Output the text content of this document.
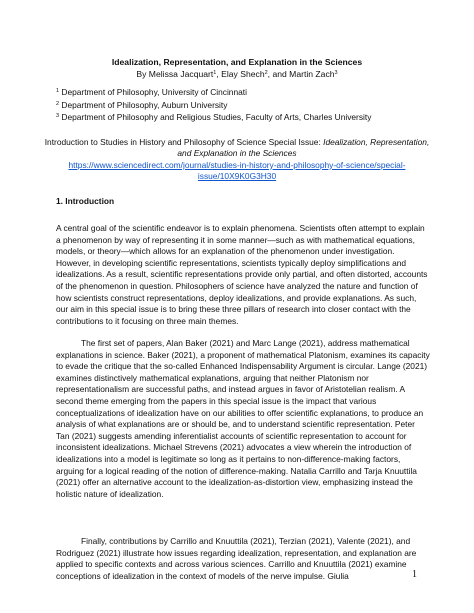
Idealization, Representation, and Explanation in the Sciences
By Melissa Jacquart$^1$, Elay Shech$^2$, and Martin Zach$^3$
$^1$ Department of Philosophy, University of Cincinnati
$^2$ Department of Philosophy, Auburn University
$^3$ Department of Philosophy and Religious Studies, Faculty of Arts, Charles University
Introduction to Studies in History and Philosophy of Science Special Issue: Idealization, Representation, and Explanation in the Sciences
https://www.sciencedirect.com/journal/studies-in-history-and-philosophy-of-science/special-issue/10X9K0G3H30
1. Introduction
A central goal of the scientific endeavor is to explain phenomena. Scientists often attempt to explain a phenomenon by way of representing it in some manner—such as with mathematical equations, models, or theory—which allows for an explanation of the phenomenon under investigation. However, in developing scientific representations, scientists typically deploy simplifications and idealizations. As a result, scientific representations provide only partial, and often distorted, accounts of the phenomenon in question. Philosophers of science have analyzed the nature and function of how scientists construct representations, deploy idealizations, and provide explanations. As such, our aim in this special issue is to bring these three pillars of research into closer contact with the contributions to it focusing on three main themes.
The first set of papers, Alan Baker (2021) and Marc Lange (2021), address mathematical explanations in science. Baker (2021), a proponent of mathematical Platonism, examines its capacity to evade the critique that the so-called Enhanced Indispensability Argument is circular. Lange (2021) examines distinctively mathematical explanations, arguing that neither Platonism nor representationalism are successful paths, and instead argues in favor of Aristotelian realism. A second theme emerging from the papers in this special issue is the impact that various conceptualizations of idealization have on our abilities to offer scientific explanations, to produce an analysis of what explanations are or should be, and to understand scientific representation. Peter Tan (2021) suggests amending inferentialist accounts of scientific representation to account for inconsistent idealizations. Michael Strevens (2021) advocates a view wherein the introduction of idealizations into a model is legitimate so long as it pertains to non-difference-making factors, arguing for a logical reading of the notion of difference-making. Natalia Carrillo and Tarja Knuuttila (2021) offer an alternative account to the idealization-as-distortion view, emphasizing instead the holistic nature of idealization.
Finally, contributions by Carrillo and Knuuttila (2021), Terzian (2021), Valente (2021), and Rodriguez (2021) illustrate how issues regarding idealization, representation, and explanation are applied to specific contexts and across various sciences. Carrillo and Knuuttila (2021) examine conceptions of idealization in the context of models of the nerve impulse. Giulia	1
